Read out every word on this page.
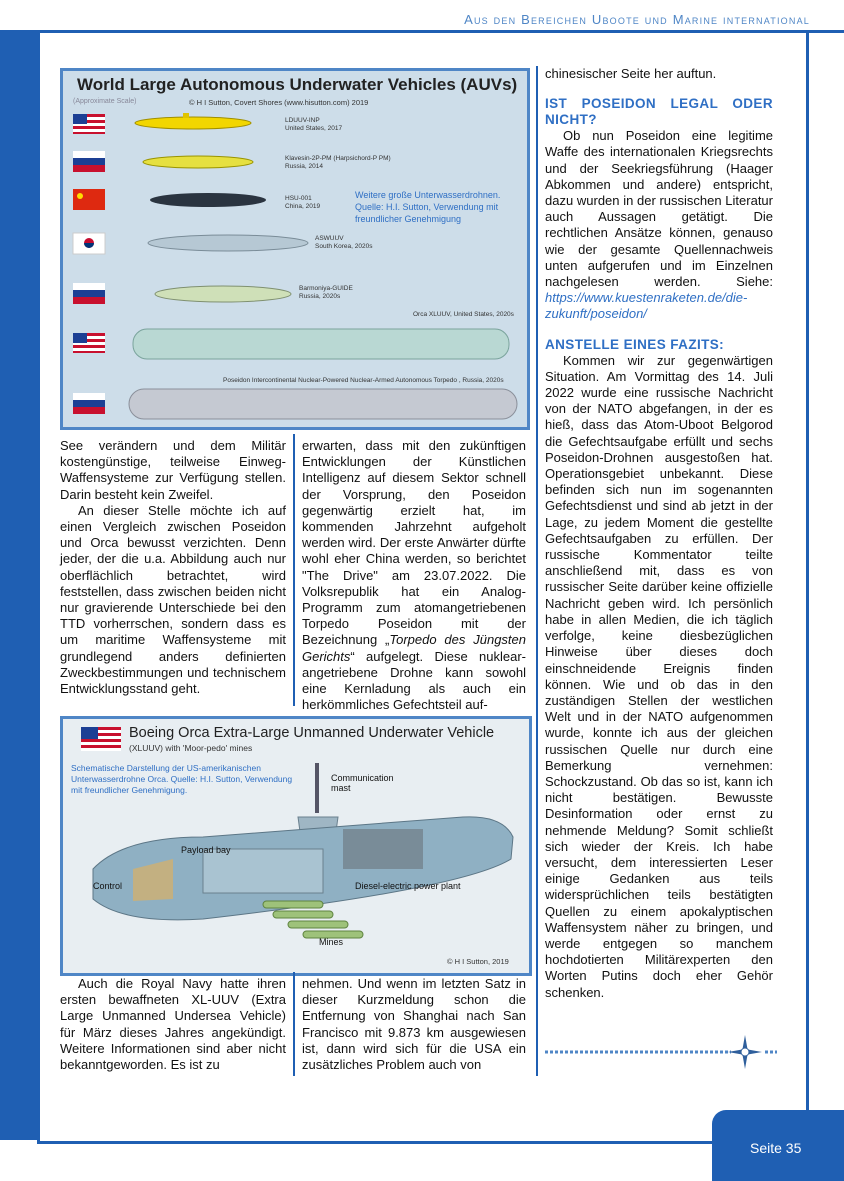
Aus den Bereichen Uboote und Marine international
World Large Autonomous Underwater Vehicles (AUVs)
(Approximate Scale)	© H I Sutton, Covert Shores (www.hisutton.com) 2019
LDUUV-INP
United States, 2017
Klavesin-2P-PM (Harpsichord-P PM)
Russia, 2014
HSU-001
China, 2019
ASWUUV
South Korea, 2020s
Barmoniya-GUIDE
Russia, 2020s
Orca XLUUV, United States, 2020s
Poseidon Intercontinental Nuclear-Powered Nuclear-Armed Autonomous Torpedo , Russia, 2020s
Weitere große Unterwasserdrohnen. Quelle: H.I. Sutton, Verwendung mit freundlicher Genehmigung

See verändern und dem Militär kostengünstige, teilweise Einweg-Waffensysteme zur Verfügung stellen. Darin besteht kein Zweifel.

An dieser Stelle möchte ich auf einen Vergleich zwischen Poseidon und Orca bewusst verzichten. Denn jeder, der die u.a. Abbildung auch nur oberflächlich betrachtet, wird feststellen, dass zwischen beiden nicht nur gravierende Unterschiede bei den TTD vorherrschen, sondern dass es um maritime Waffensysteme mit grundlegend anders definierten Zweckbestimmungen und technischem Entwicklungsstand geht.

erwarten, dass mit den zukünftigen Entwicklungen der Künstlichen Intelligenz auf diesem Sektor schnell der Vorsprung, den Poseidon gegenwärtig erzielt hat, im kommenden Jahrzehnt aufgeholt werden wird. Der erste Anwärter dürfte wohl eher China werden, so berichtet "The Drive" am 23.07.2022. Die Volksrepublik hat ein Analog-Programm zum atomangetriebenen Torpedo Poseidon mit der Bezeichnung „Torpedo des Jüngsten Gerichts“ aufgelegt. Diese nuklear-angetriebene Drohne kann sowohl eine Kernladung als auch ein herkömmliches Gefechtsteil auf-

Boeing Orca Extra-Large Unmanned Underwater Vehicle
(XLUUV) with 'Moor-pedo' mines
Schematische Darstellung der US-amerikanischen Unterwasserdrohne Orca. Quelle: H.I. Sutton, Verwendung mit freundlicher Genehmigung.
Communication mast
Payload bay
Control	Diesel-electric power plant
Mines
© H I Sutton, 2019

Auch die Royal Navy hatte ihren ersten bewaffneten XL-UUV (Extra Large Unmanned Undersea Vehicle) für März dieses Jahres angekündigt. Weitere Informationen sind aber nicht bekanntgeworden. Es ist zu

nehmen. Und wenn im letzten Satz in dieser Kurzmeldung schon die Entfernung von Shanghai nach San Francisco mit 9.873 km ausgewiesen ist, dann wird sich für die USA ein zusätzliches Problem auch von

chinesischer Seite her auftun.

IST POSEIDON LEGAL ODER NICHT?

Ob nun Poseidon eine legitime Waffe des internationalen Kriegsrechts und der Seekriegsführung (Haager Abkommen und andere) entspricht, dazu wurden in der russischen Literatur auch Aussagen getätigt. Die rechtlichen Ansätze können, genauso wie der gesamte Quellennachweis unten aufgerufen und im Einzelnen nachgelesen werden. Siehe: https://www.kuestenraketen.de/die-zukunft/poseidon/

ANSTELLE EINES FAZITS:

Kommen wir zur gegenwärtigen Situation. Am Vormittag des 14. Juli 2022 wurde eine russische Nachricht von der NATO abgefangen, in der es hieß, dass das Atom-Uboot Belgorod die Gefechtsaufgabe erfüllt und sechs Poseidon-Drohnen ausgestoßen hat. Operationsgebiet unbekannt. Diese befinden sich nun im sogenannten Gefechtsdienst und sind ab jetzt in der Lage, zu jedem Moment die gestellte Gefechtsaufgaben zu erfüllen. Der russische Kommentator teilte anschließend mit, dass es von russischer Seite darüber keine offizielle Nachricht geben wird. Ich persönlich habe in allen Medien, die ich täglich verfolge, keine diesbezüglichen Hinweise über dieses doch einschneidende Ereignis finden können. Wie und ob das in den zuständigen Stellen der westlichen Welt und in der NATO aufgenommen wurde, konnte ich aus der gleichen russischen Quelle nur durch eine Bemerkung vernehmen: Schockzustand. Ob das so ist, kann ich nicht bestätigen. Bewusste Desinformation oder ernst zu nehmende Meldung? Somit schließt sich wieder der Kreis. Ich habe versucht, dem interessierten Leser einige Gedanken aus teils widersprüchlichen teils bestätigten Quellen zu einem apokalyptischen Waffensystem näher zu bringen, und werde entgegen so manchem hochdotierten Militärexperten den Worten Putins doch eher Gehör schenken.

Seite 35
